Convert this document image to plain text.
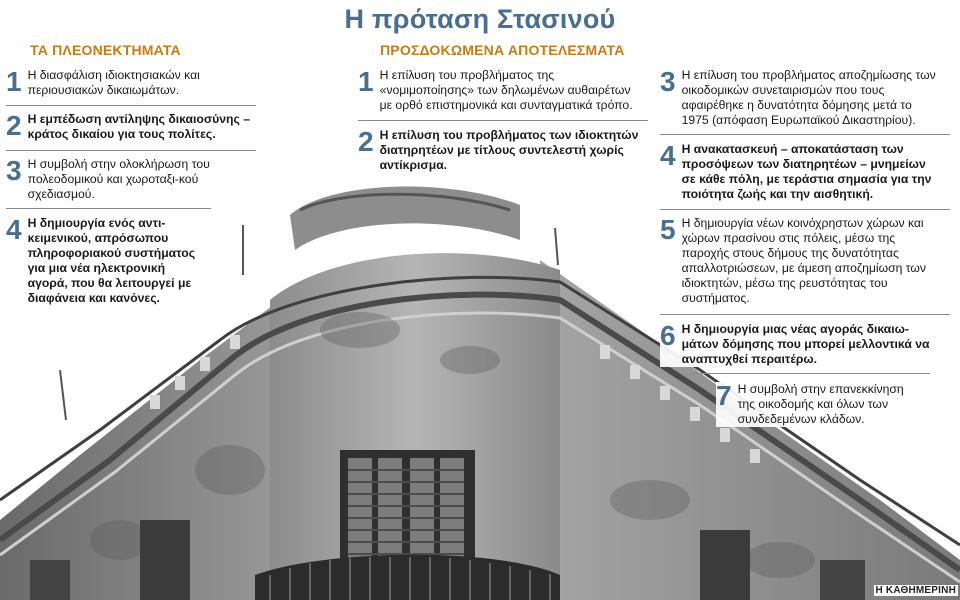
Η πρόταση Στασινού
ΤΑ ΠΛΕΟΝΕΚΤΗΜΑΤΑ
1 Η διασφάλιση ιδιοκτησιακών και περιουσιακών δικαιωμάτων.
2 Η εμπέδωση αντίληψης δικαιοσύνης – κράτος δικαίου για τους πολίτες.
3 Η συμβολή στην ολοκλήρωση του πολεοδομικού και χωροταξι-κού σχεδιασμού.
4 Η δημιουργία ενός αντι-κειμενικού, απρόσωπου πληροφοριακού συστήματος για μια νέα ηλεκτρονική αγορά, που θα λειτουργεί με διαφάνεια και κανόνες.
ΠΡΟΣΔΟΚΩΜΕΝΑ ΑΠΟΤΕΛΕΣΜΑΤΑ
1 Η επίλυση του προβλήματος της «νομιμοποίησης» των δηλωμένων αυθαιρέτων με ορθό επιστημονικά και συνταγματικά τρόπο.
2 Η επίλυση του προβλήματος των ιδιοκτητών διατηρητέων με τίτλους συντελεστή χωρίς αντίκρισμα.
3 Η επίλυση του προβλήματος αποζημίωσης των οικοδομικών συνεταιρισμών που τους αφαιρέθηκε η δυνατότητα δόμησης μετά το 1975 (απόφαση Ευρωπαϊκού Δικαστηρίου).
4 Η ανακατασκευή – αποκατάσταση των προσόψεων των διατηρητέων – μνημείων σε κάθε πόλη, με τεράστια σημασία για την ποιότητα ζωής και την αισθητική.
5 Η δημιουργία νέων κοινόχρηστων χώρων και χώρων πρασίνου στις πόλεις, μέσω της παροχής στους δήμους της δυνατότητας απαλλοτριώσεων, με άμεση αποζημίωση των ιδιοκτητών, μέσω της ρευστότητας του συστήματος.
6 Η δημιουργία μιας νέας αγοράς δικαιω-μάτων δόμησης που μπορεί μελλοντικά να αναπτυχθεί περαιτέρω.
7 Η συμβολή στην επανεκκίνηση της οικοδομής και όλων των συνδεδεμένων κλάδων.
Η ΚΑΘΗΜΕΡΙΝΗ
